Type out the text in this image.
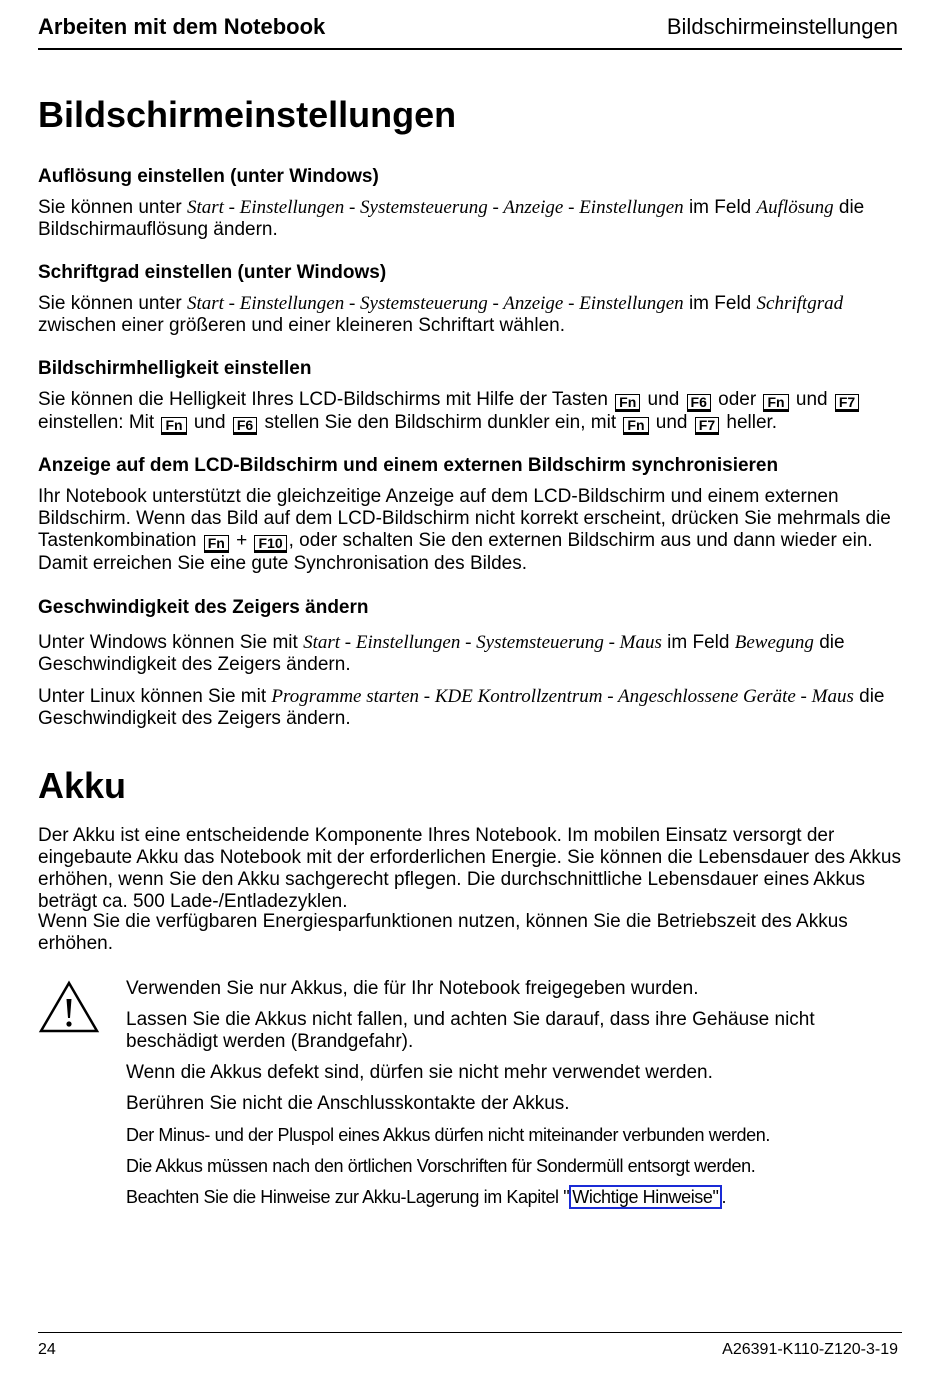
Arbeiten mit dem Notebook	Bildschirmeinstellungen
Bildschirmeinstellungen
Auflösung einstellen (unter Windows)

Sie können unter Start - Einstellungen - Systemsteuerung - Anzeige - Einstellungen im Feld Auflösung die Bildschirmauflösung ändern.

Schriftgrad einstellen (unter Windows)

Sie können unter Start - Einstellungen - Systemsteuerung - Anzeige - Einstellungen im Feld Schriftgrad zwischen einer größeren und einer kleineren Schriftart wählen.

Bildschirmhelligkeit einstellen

Sie können die Helligkeit Ihres LCD-Bildschirms mit Hilfe der Tasten Fn und F6 oder Fn und F7 einstellen: Mit Fn und F6 stellen Sie den Bildschirm dunkler ein, mit Fn und F7 heller.

Anzeige auf dem LCD-Bildschirm und einem externen Bildschirm synchronisieren

Ihr Notebook unterstützt die gleichzeitige Anzeige auf dem LCD-Bildschirm und einem externen Bildschirm. Wenn das Bild auf dem LCD-Bildschirm nicht korrekt erscheint, drücken Sie mehrmals die Tastenkombination Fn + F10 , oder schalten Sie den externen Bildschirm aus und dann wieder ein. Damit erreichen Sie eine gute Synchronisation des Bildes.

Geschwindigkeit des Zeigers ändern

Unter Windows können Sie mit Start - Einstellungen - Systemsteuerung - Maus im Feld Bewegung die Geschwindigkeit des Zeigers ändern.

Unter Linux können Sie mit Programme starten - KDE Kontrollzentrum - Angeschlossene Geräte - Maus die Geschwindigkeit des Zeigers ändern.

Akku

Der Akku ist eine entscheidende Komponente Ihres Notebook. Im mobilen Einsatz versorgt der eingebaute Akku das Notebook mit der erforderlichen Energie. Sie können die Lebensdauer des Akkus erhöhen, wenn Sie den Akku sachgerecht pflegen. Die durchschnittliche Lebensdauer eines Akkus beträgt ca. 500 Lade-/Entladezyklen.

Wenn Sie die verfügbaren Energiesparfunktionen nutzen, können Sie die Betriebszeit des Akkus erhöhen.

Verwenden Sie nur Akkus, die für Ihr Notebook freigegeben wurden.
Lassen Sie die Akkus nicht fallen, und achten Sie darauf, dass ihre Gehäuse nicht beschädigt werden (Brandgefahr).
Wenn die Akkus defekt sind, dürfen sie nicht mehr verwendet werden.
Berühren Sie nicht die Anschlusskontakte der Akkus.
Der Minus- und der Pluspol eines Akkus dürfen nicht miteinander verbunden werden.
Die Akkus müssen nach den örtlichen Vorschriften für Sondermüll entsorgt werden.
Beachten Sie die Hinweise zur Akku-Lagerung im Kapitel " Wichtige Hinweise" .
24	A26391-K110-Z120-3-19
